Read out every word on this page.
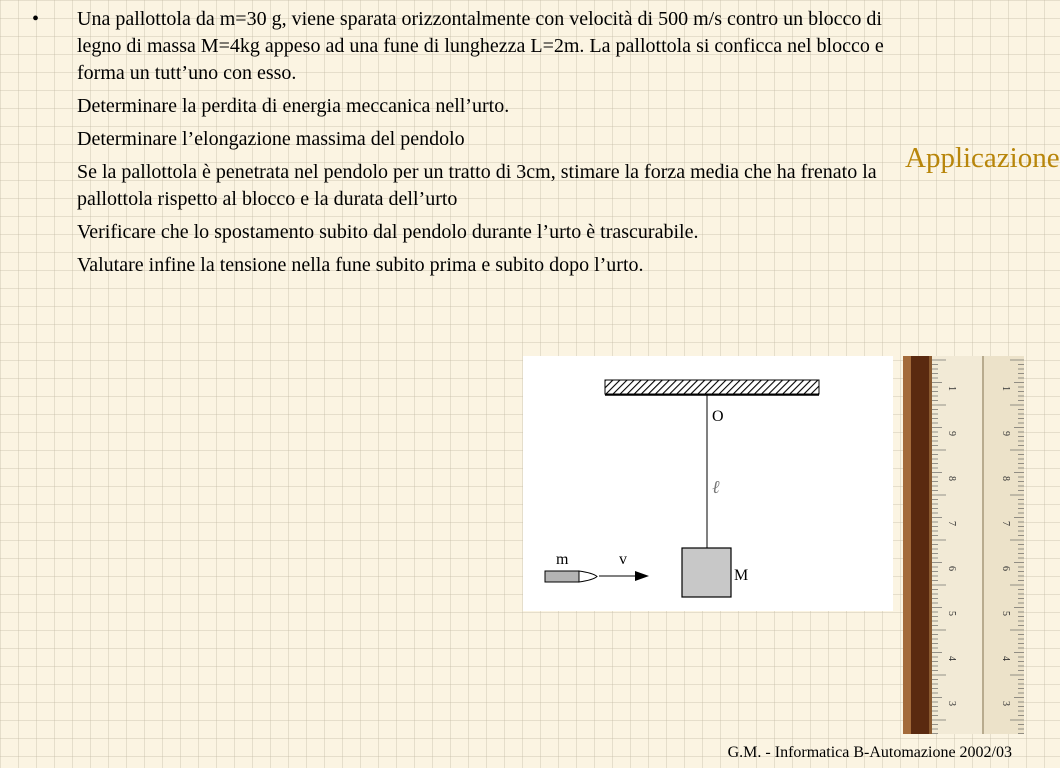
•	Una pallottola da m=30 g, viene sparata orizzontalmente con velocità di 500 m/s contro un blocco di legno di massa M=4kg appeso ad una fune di lunghezza L=2m. La pallottola si conficca nel blocco e forma un tutt’uno con esso.
Determinare la perdita di energia meccanica nell’urto.
Determinare l’elongazione massima del pendolo
Se la pallottola è penetrata nel pendolo per un tratto di 3cm, stimare la forza media che ha frenato la pallottola rispetto al blocco e la durata dell’urto
Verificare che lo spostamento subito dal pendolo durante l’urto è trascurabile.
Valutare infine la tensione nella fune subito prima e subito dopo l’urto.
Applicazione
O
ℓ
M
m	v
1	1
9	9
8	8
7	7
6	6
5	5
4	4
3	3
G.M. - Informatica B-Automazione 2002/03
